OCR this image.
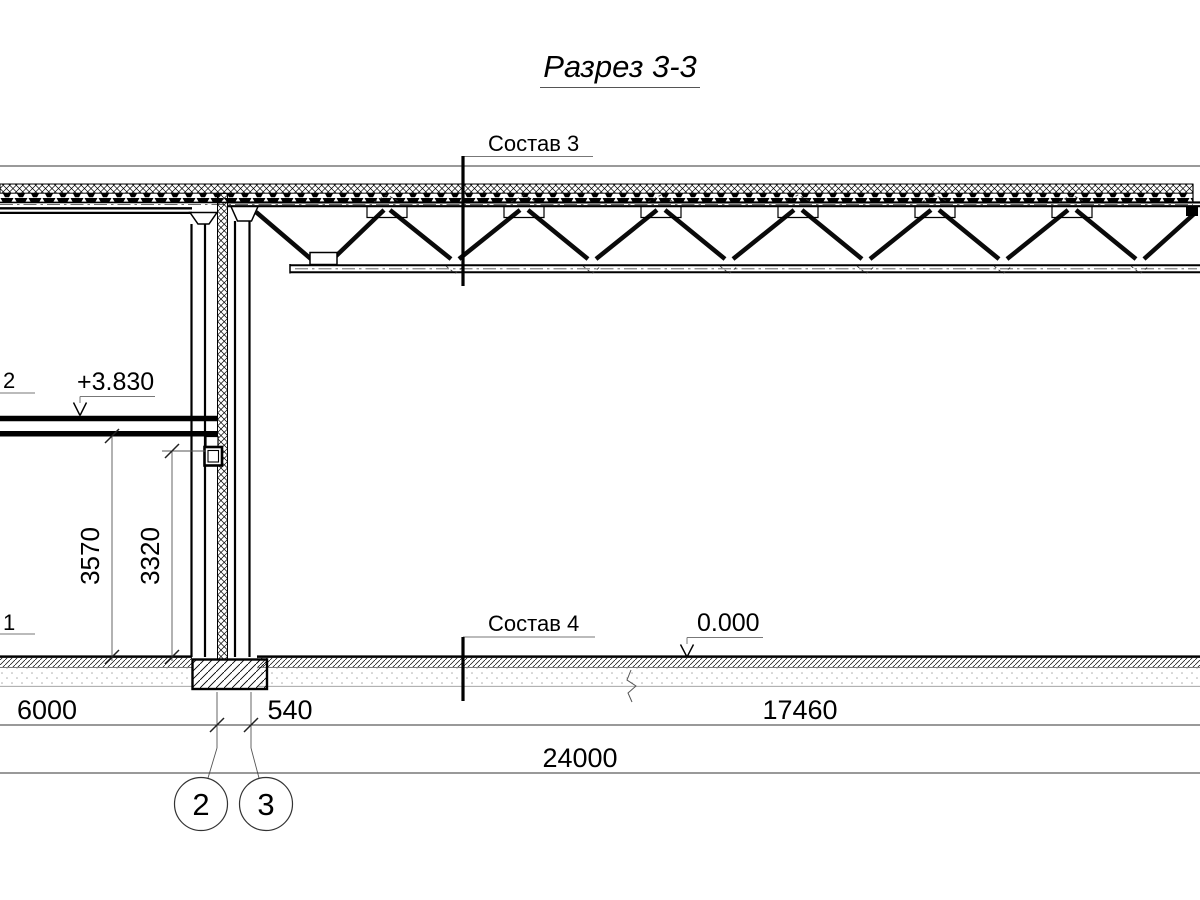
Разрез 3-3
Состав 3
Состав 4
+3.830
0.000
2
1
3570 3320
6000	540	17460
24000
2 3
